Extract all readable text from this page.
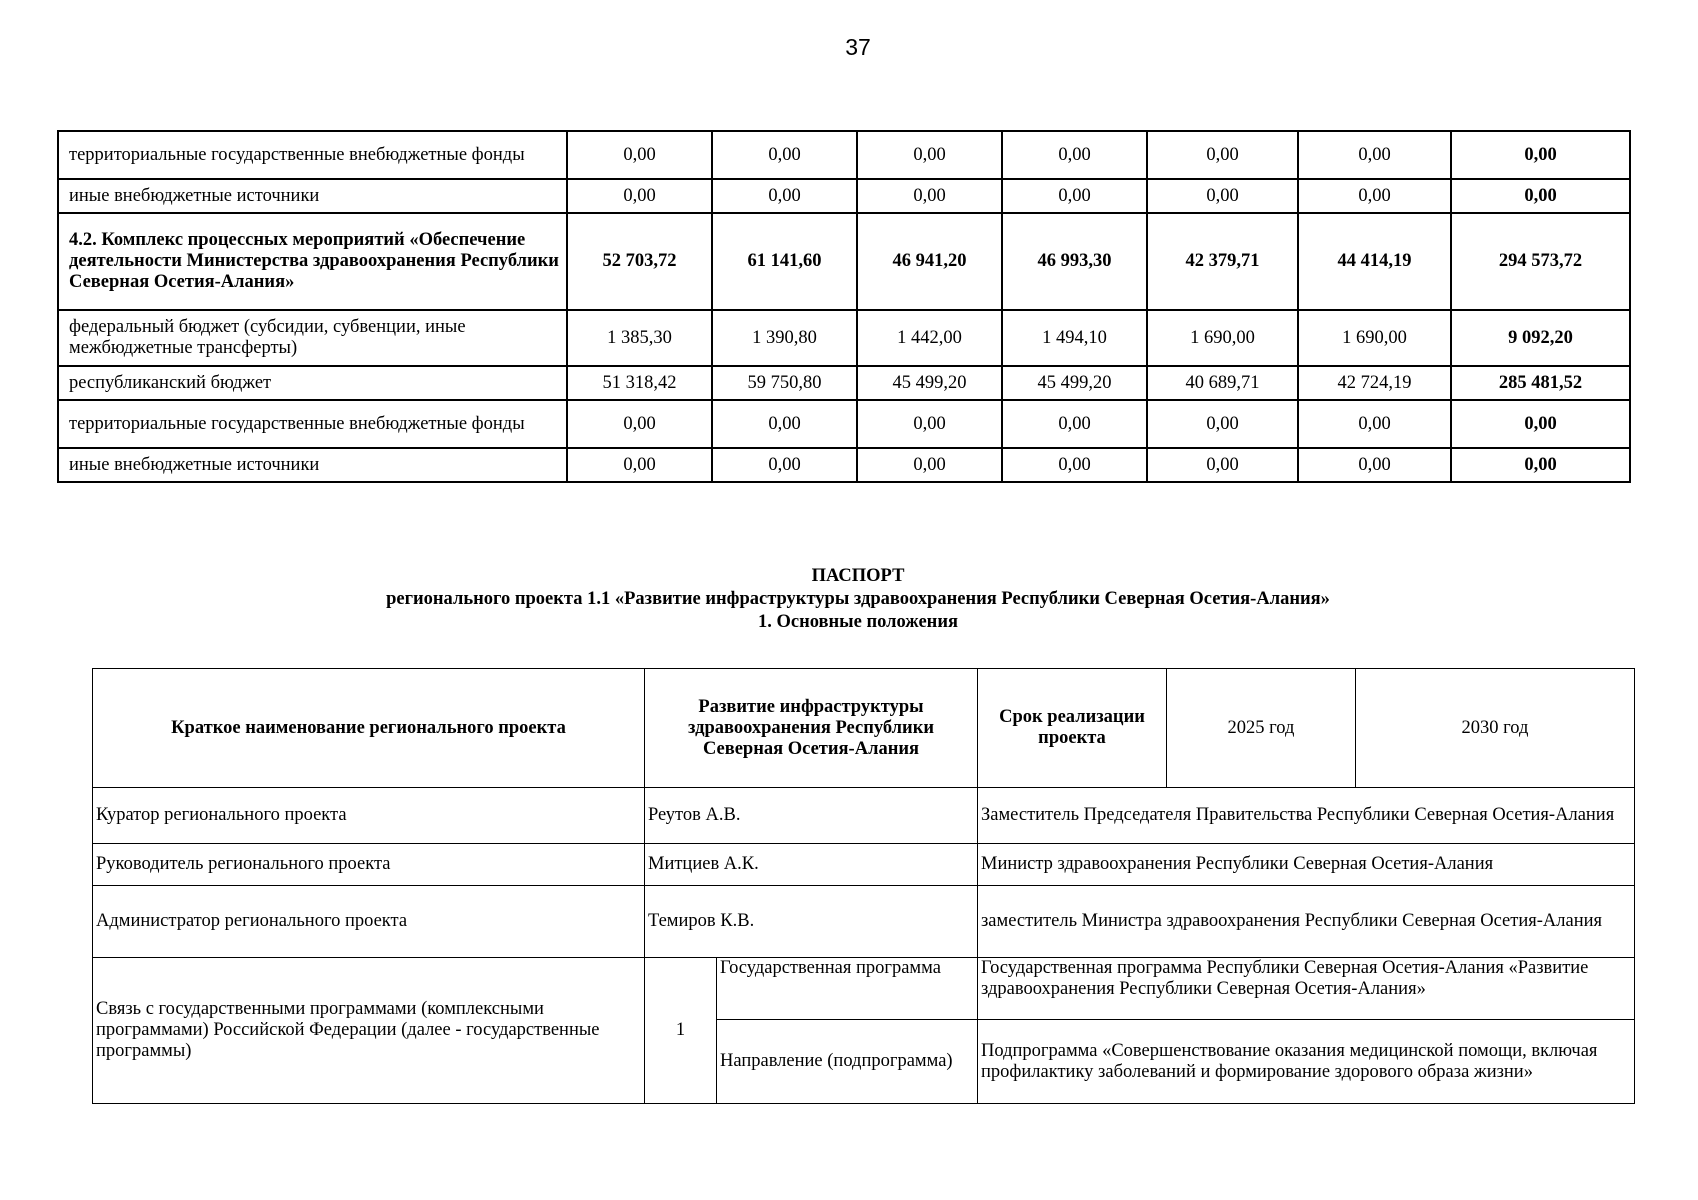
37
территориальные государственные внебюджетные фонды	0,00	0,00	0,00	0,00	0,00	0,00	0,00
иные внебюджетные источники	0,00	0,00	0,00	0,00	0,00	0,00	0,00
4.2. Комплекс процессных мероприятий «Обеспечение деятельности Министерства здравоохранения Республики Северная Осетия-Алания»	52 703,72	61 141,60	46 941,20	46 993,30	42 379,71	44 414,19	294 573,72
федеральный бюджет (субсидии, субвенции, иные межбюджетные трансферты)	1 385,30	1 390,80	1 442,00	1 494,10	1 690,00	1 690,00	9 092,20
республиканский бюджет	51 318,42	59 750,80	45 499,20	45 499,20	40 689,71	42 724,19	285 481,52
территориальные государственные внебюджетные фонды	0,00	0,00	0,00	0,00	0,00	0,00	0,00
иные внебюджетные источники	0,00	0,00	0,00	0,00	0,00	0,00	0,00
ПАСПОРТ
регионального проекта 1.1 «Развитие инфраструктуры здравоохранения Республики Северная Осетия-Алания»
1. Основные положения
Краткое наименование регионального проекта	Развитие инфраструктуры здравоохранения Республики Северная Осетия-Алания		Срок реализации проекта	2025 год	2030 год
Куратор регионального проекта	Реутов А.В.		Заместитель Председателя Правительства Республики Северная Осетия-Алания		
Руководитель регионального проекта	Митциев А.К.		Министр здравоохранения Республики Северная Осетия-Алания		
Администратор регионального проекта	Темиров К.В.		заместитель Министра здравоохранения Республики Северная Осетия-Алания		
Связь с государственными программами (комплексными программами) Российской Федерации (далее - государственные программы)	1	Государственная программа	Государственная программа Республики Северная Осетия-Алания «Развитие здравоохранения Республики Северная Осетия-Алания»		
		Направление (подпрограмма)	Подпрограмма «Совершенствование оказания медицинской помощи, включая профилактику заболеваний и формирование здорового образа жизни»		
